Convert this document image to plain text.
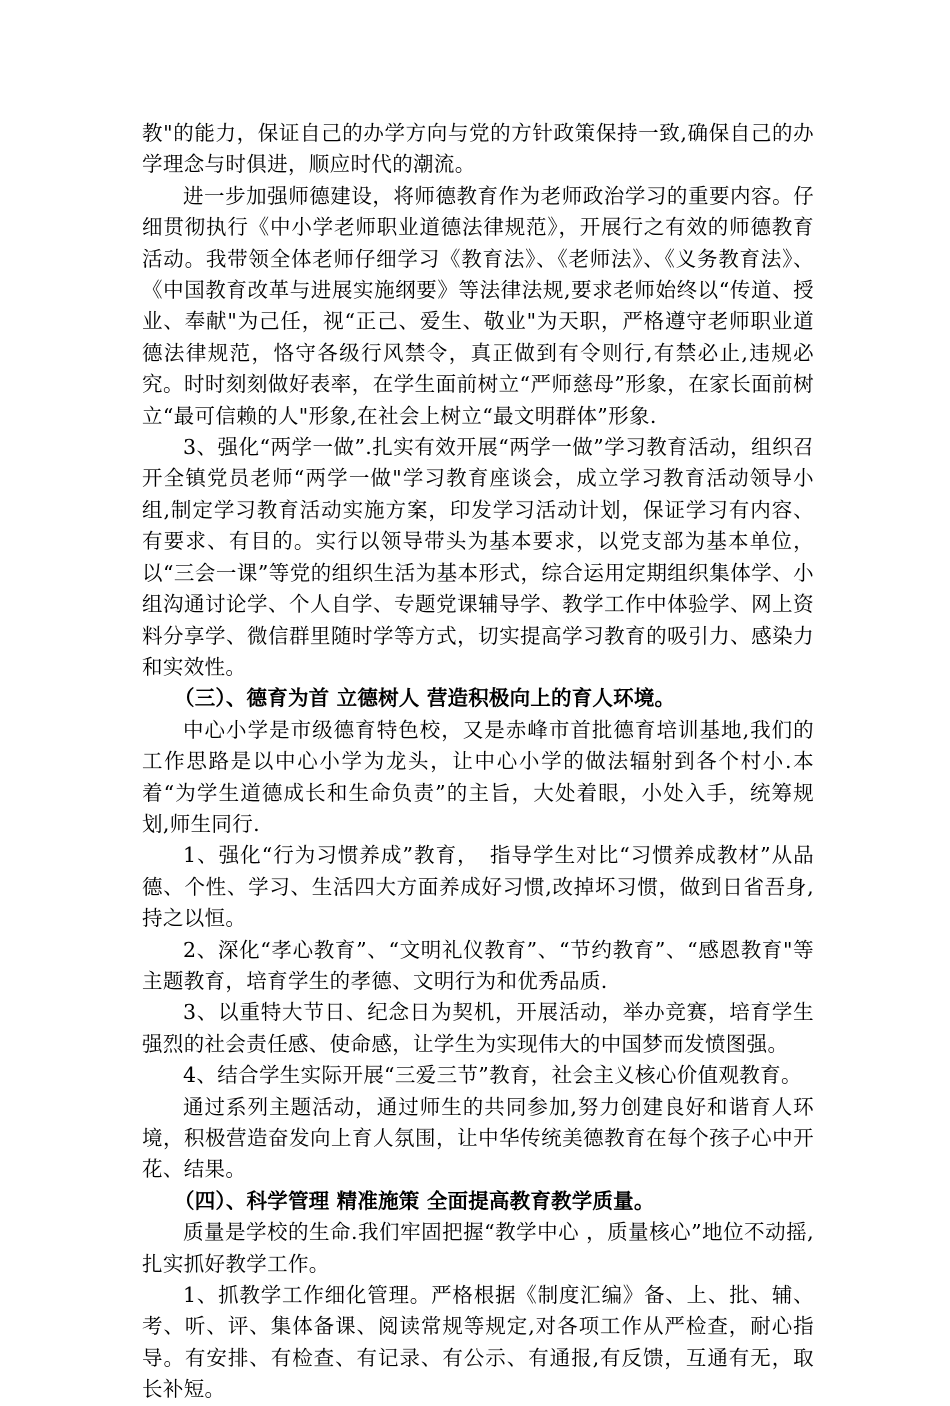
教"的能力，保证自己的办学方向与党的方针政策保持一致,确保自己的办学理念与时俱进，顺应时代的潮流。

进一步加强师德建设，将师德教育作为老师政治学习的重要内容。仔细贯彻执行《中小学老师职业道德法律规范》，开展行之有效的师德教育活动。我带领全体老师仔细学习《教育法》、《老师法》、《义务教育法》、《中国教育改革与进展实施纲要》等法律法规,要求老师始终以“传道、授业、奉献"为己任，视“正己、爱生、敬业"为天职，严格遵守老师职业道德法律规范，恪守各级行风禁令，真正做到有令则行,有禁必止,违规必究。时时刻刻做好表率，在学生面前树立“严师慈母”形象，在家长面前树立“最可信赖的人"形象,在社会上树立“最文明群体”形象.

3、强化“两学一做”.扎实有效开展“两学一做”学习教育活动，组织召开全镇党员老师“两学一做"学习教育座谈会，成立学习教育活动领导小组,制定学习教育活动实施方案，印发学习活动计划，保证学习有内容、有要求、有目的。实行以领导带头为基本要求，以党支部为基本单位，以“三会一课”等党的组织生活为基本形式，综合运用定期组织集体学、小组沟通讨论学、个人自学、专题党课辅导学、教学工作中体验学、网上资料分享学、微信群里随时学等方式，切实提高学习教育的吸引力、感染力和实效性。

（三）、德育为首 立德树人 营造积极向上的育人环境。

中心小学是市级德育特色校，又是赤峰市首批德育培训基地,我们的工作思路是以中心小学为龙头，让中心小学的做法辐射到各个村小.本着“为学生道德成长和生命负责”的主旨，大处着眼，小处入手，统筹规划,师生同行.

1、强化“行为习惯养成”教育，　指导学生对比“习惯养成教材”从品德、个性、学习、生活四大方面养成好习惯,改掉坏习惯，做到日省吾身,持之以恒。

2、深化“孝心教育”、“文明礼仪教育”、“节约教育”、“感恩教育"等主题教育，培育学生的孝德、文明行为和优秀品质.

3、以重特大节日、纪念日为契机，开展活动，举办竞赛，培育学生强烈的社会责任感、使命感，让学生为实现伟大的中国梦而发愤图强。

4、结合学生实际开展“三爱三节”教育，社会主义核心价值观教育。

通过系列主题活动，通过师生的共同参加,努力创建良好和谐育人环境，积极营造奋发向上育人氛围，让中华传统美德教育在每个孩子心中开花、结果。

（四）、科学管理 精准施策 全面提高教育教学质量。

质量是学校的生命.我们牢固把握“教学中心 ，质量核心”地位不动摇,扎实抓好教学工作。

1、抓教学工作细化管理。严格根据《制度汇编》备、上、批、辅、考、听、评、集体备课、阅读常规等规定,对各项工作从严检查，耐心指导。有安排、有检查、有记录、有公示、有通报,有反馈，互通有无，取长补短。
